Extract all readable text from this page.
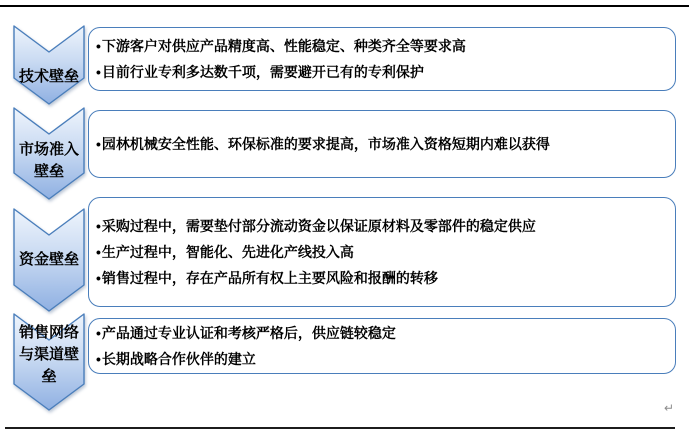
技术壁垒
• 下游客户对供应产品精度高、性能稳定、种类齐全等要求高
• 目前行业专利多达数千项，需要避开已有的专利保护
市场准入壁垒
• 园林机械安全性能、环保标准的要求提高，市场准入资格短期内难以获得
资金壁垒
• 采购过程中，需要垫付部分流动资金以保证原材料及零部件的稳定供应
• 生产过程中，智能化、先进化产线投入高
• 销售过程中，存在产品所有权上主要风险和报酬的转移
销售网络与渠道壁垒
• 产品通过专业认证和考核严格后，供应链较稳定
• 长期战略合作伙伴的建立
↵
